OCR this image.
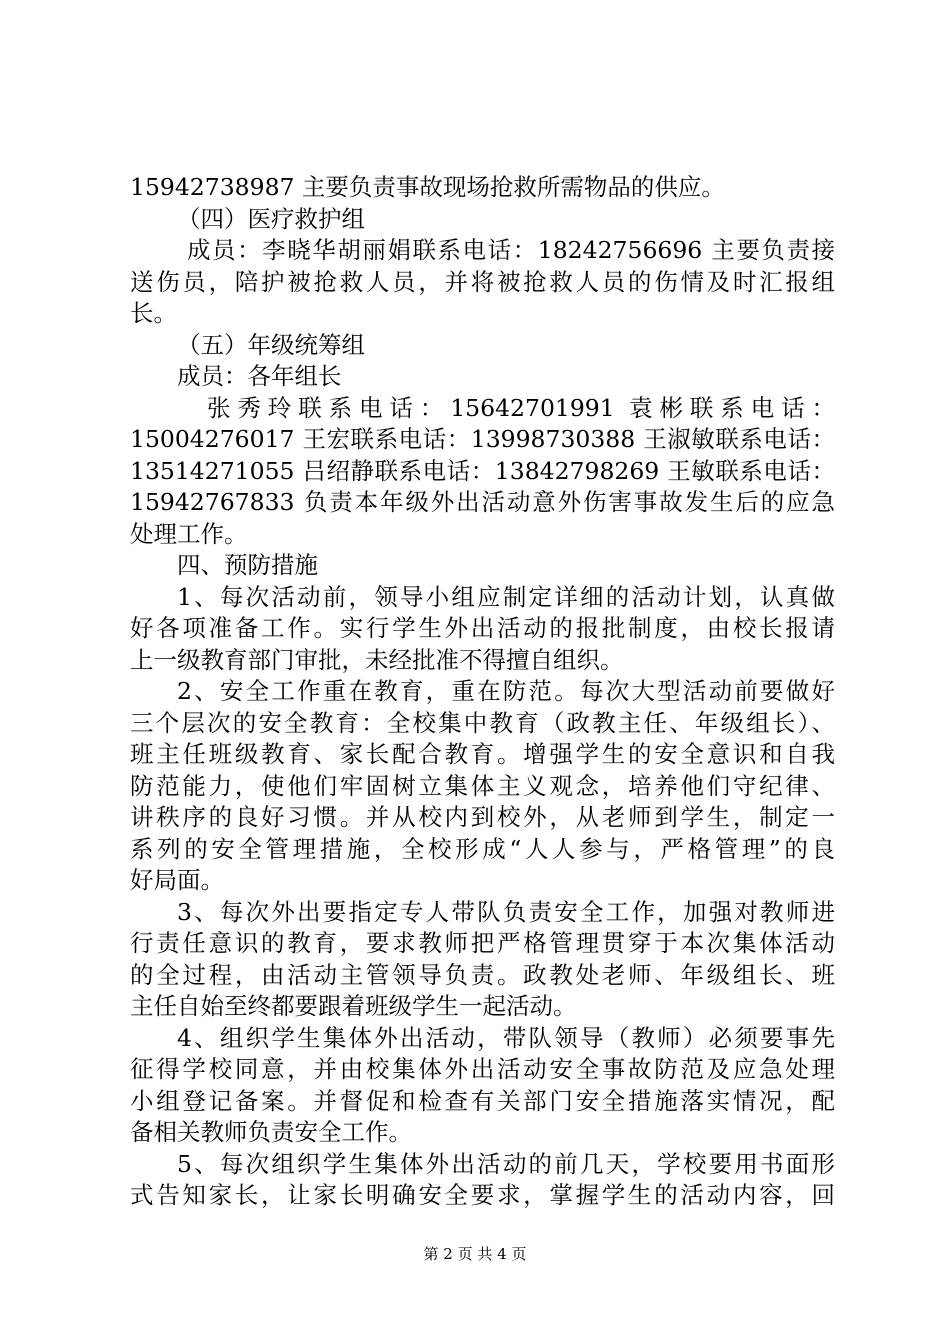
15942738987 主要负责事故现场抢救所需物品的供应。
（四）医疗救护组
成员：李晓华胡丽娟联系电话：18242756696 主要负责接
送伤员，陪护被抢救人员，并将被抢救人员的伤情及时汇报组
长。
（五）年级统筹组
成员：各年组长
张秀玲联系电话：15642701991 袁彬联系电话：
15004276017 王宏联系电话：13998730388 王淑敏联系电话：
13514271055 吕绍静联系电话：13842798269 王敏联系电话：
15942767833 负责本年级外出活动意外伤害事故发生后的应急
处理工作。
四、预防措施
1、每次活动前，领导小组应制定详细的活动计划，认真做
好各项准备工作。实行学生外出活动的报批制度，由校长报请
上一级教育部门审批，未经批准不得擅自组织。
2、安全工作重在教育，重在防范。每次大型活动前要做好
三个层次的安全教育：全校集中教育（政教主任、年级组长）、
班主任班级教育、家长配合教育。增强学生的安全意识和自我
防范能力，使他们牢固树立集体主义观念，培养他们守纪律、
讲秩序的良好习惯。并从校内到校外，从老师到学生，制定一
系列的安全管理措施，全校形成“人人参与，严格管理”的良
好局面。
3、每次外出要指定专人带队负责安全工作，加强对教师进
行责任意识的教育，要求教师把严格管理贯穿于本次集体活动
的全过程，由活动主管领导负责。政教处老师、年级组长、班
主任自始至终都要跟着班级学生一起活动。
4、组织学生集体外出活动，带队领导（教师）必须要事先
征得学校同意，并由校集体外出活动安全事故防范及应急处理
小组登记备案。并督促和检查有关部门安全措施落实情况，配
备相关教师负责安全工作。
5、每次组织学生集体外出活动的前几天，学校要用书面形
式告知家长，让家长明确安全要求，掌握学生的活动内容，回
第 2 页 共 4 页
